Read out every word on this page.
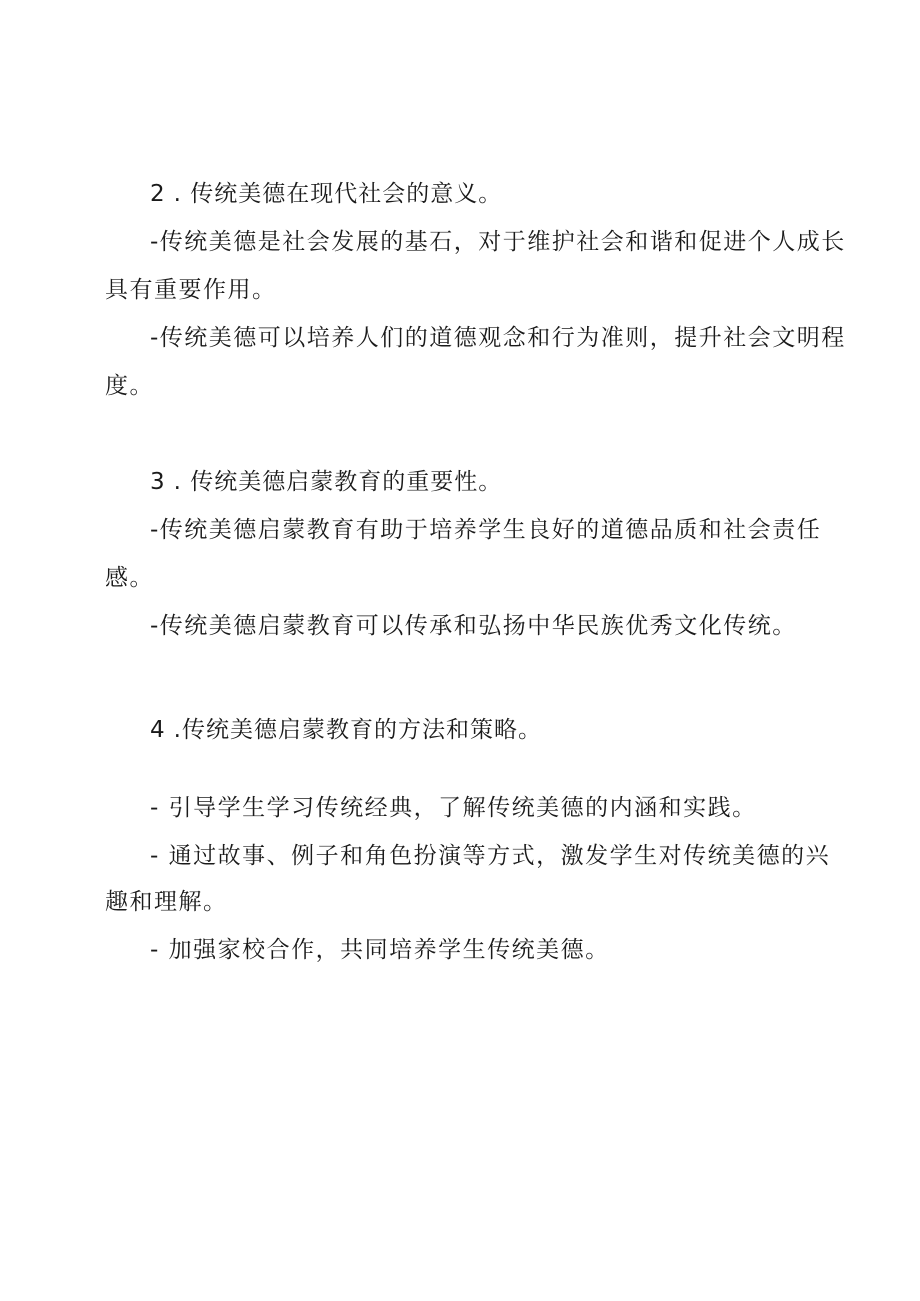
2 . 传统美德在现代社会的意义。
-传统美德是社会发展的基石，对于维护社会和谐和促进个人成长
具有重要作用。
-传统美德可以培养人们的道德观念和行为准则，提升社会文明程
度。
3 . 传统美德启蒙教育的重要性。
-传统美德启蒙教育有助于培养学生良好的道德品质和社会责任
感。
-传统美德启蒙教育可以传承和弘扬中华民族优秀文化传统。
4 .传统美德启蒙教育的方法和策略。
- 引导学生学习传统经典，了解传统美德的内涵和实践。
- 通过故事、例子和角色扮演等方式，激发学生对传统美德的兴
趣和理解。
- 加强家校合作，共同培养学生传统美德。
